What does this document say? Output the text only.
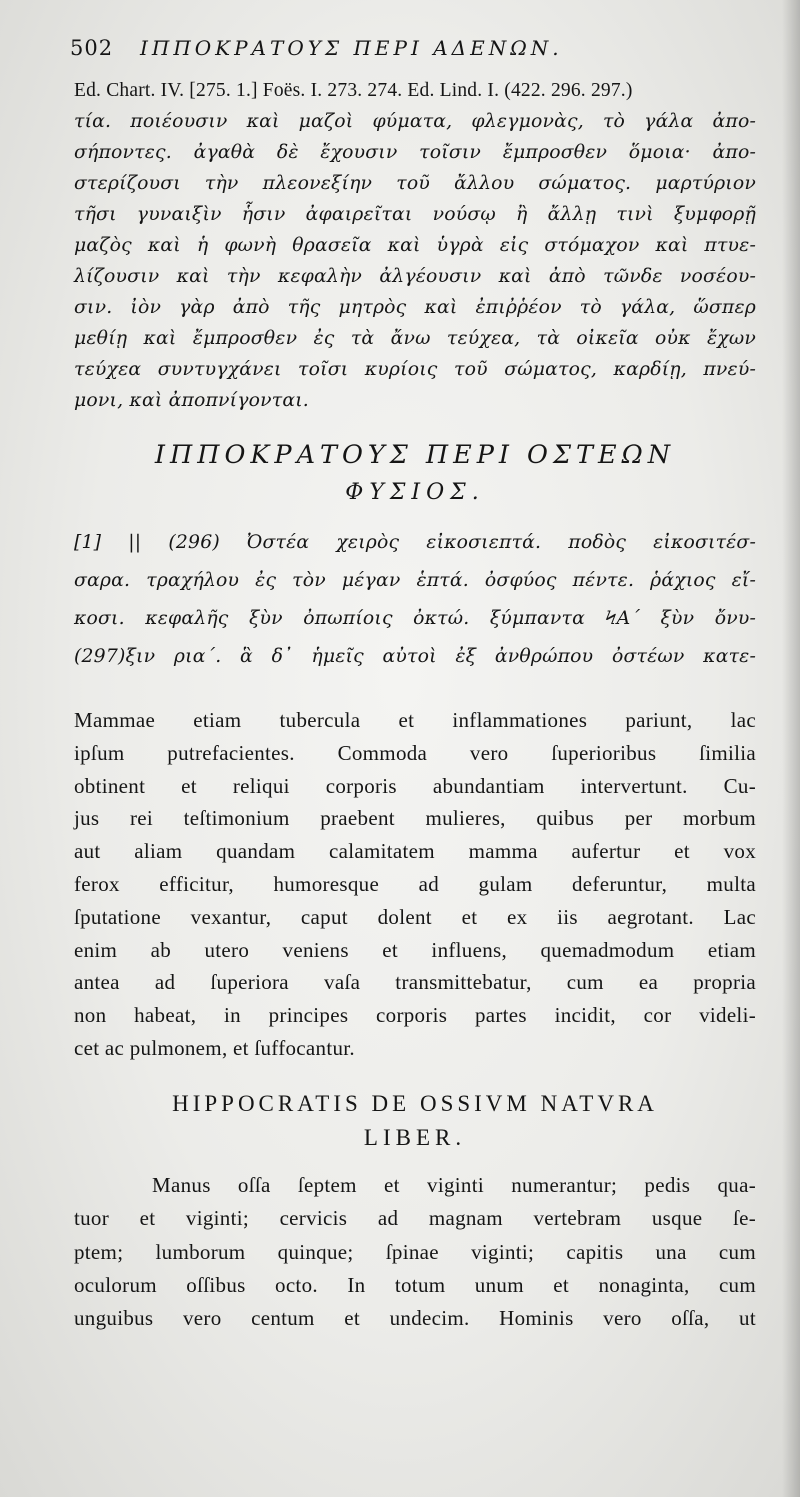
502	ΙΠΠΟΚΡΑΤΟΥΣ ΠΕΡΙ ΑΔΕΝΩΝ.
Ed. Chart. IV. [275. 1.] Foës. I. 273. 274. Ed. Lind. I. (422. 296. 297.)
τία. ποιέουσιν καὶ μαζοὶ φύματα, φλεγμονὰς, τὸ γάλα ἀπο-
σήποντες. ἀγαθὰ δὲ ἔχουσιν τοῖσιν ἔμπροσθεν ὅμοια· ἀπο-
στερίζουσι τὴν πλεονεξίην τοῦ ἄλλου σώματος. μαρτύριον
τῆσι γυναιξὶν ἧσιν ἀφαιρεῖται νούσῳ ἢ ἄλλῃ τινὶ ξυμφορῇ
μαζὸς καὶ ἡ φωνὴ θρασεῖα καὶ ὑγρὰ εἰς στόμαχον καὶ πτυε-
λίζουσιν καὶ τὴν κεφαλὴν ἀλγέουσιν καὶ ἀπὸ τῶνδε νοσέου-
σιν. ἰὸν γὰρ ἀπὸ τῆς μητρὸς καὶ ἐπιῤῥέον τὸ γάλα, ὥσπερ
μεθίῃ καὶ ἔμπροσθεν ἐς τὰ ἄνω τεύχεα, τὰ οἰκεῖα οὐκ ἔχων
τεύχεα συντυγχάνει τοῖσι κυρίοις τοῦ σώματος, καρδίῃ, πνεύ-
μονι, καὶ ἀποπνίγονται.
ΙΠΠΟΚΡΑΤΟΥΣ ΠΕΡΙ ΟΣΤΕΩΝ
ΦΥΣΙΟΣ.
[1] || (296) Ὀστέα χειρὸς εἰκοσιεπτά. ποδὸς εἰκοσιτέσ-
σαρα. τραχήλου ἐς τὸν μέγαν ἑπτά. ὀσφύος πέντε. ῥάχιος εἴ-
κοσι. κεφαλῆς ξὺν ὀπωπίοις ὀκτώ. ξύμπαντα ϞΑ´ ξὺν ὄνυ-
(297)ξιν ρια´. ἃ δ᾽ ἡμεῖς αὐτοὶ ἐξ ἀνθρώπου ὀστέων κατε-
Mammae etiam tubercula et inflammationes pariunt, lac
ipſum putrefacientes. Commoda vero ſuperioribus ſimilia
obtinent et reliqui corporis abundantiam intervertunt. Cu-
jus rei teſtimonium praebent mulieres, quibus per morbum
aut aliam quandam calamitatem mamma aufertur et vox
ferox efficitur, humoresque ad gulam deferuntur, multa
ſputatione vexantur, caput dolent et ex iis aegrotant. Lac
enim ab utero veniens et influens, quemadmodum etiam
antea ad ſuperiora vaſa transmittebatur, cum ea propria
non habeat, in principes corporis partes incidit, cor videli-
cet ac pulmonem, et ſuffocantur.
HIPPOCRATIS DE OSSIVM NATVRA
LIBER.
Manus oſſa ſeptem et viginti numerantur; pedis qua-
tuor et viginti; cervicis ad magnam vertebram usque ſe-
ptem; lumborum quinque; ſpinae viginti; capitis una cum
oculorum oſſibus octo. In totum unum et nonaginta, cum
unguibus vero centum et undecim. Hominis vero oſſa, ut
